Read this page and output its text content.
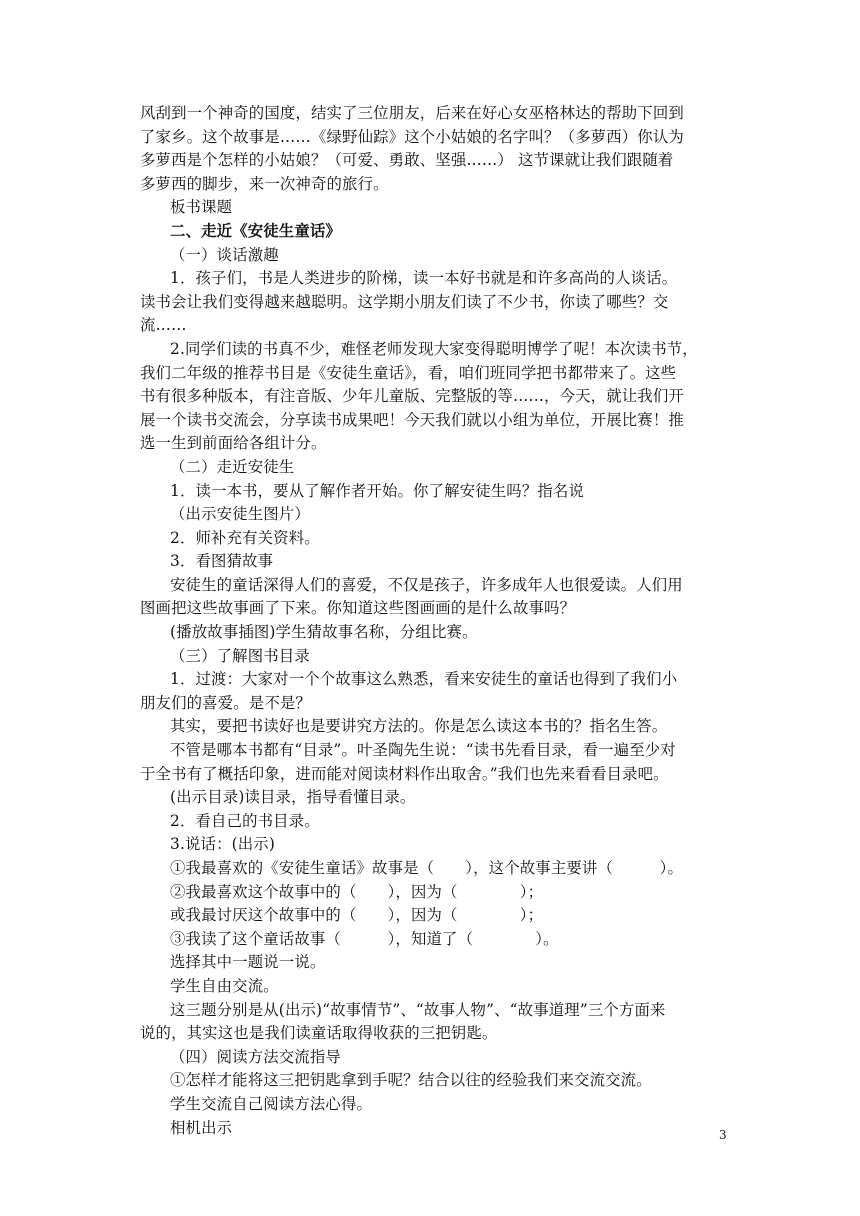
风刮到一个神奇的国度，结实了三位朋友，后来在好心女巫格林达的帮助下回到
了家乡。这个故事是……《绿野仙踪》这个小姑娘的名字叫？（多萝西）你认为
多萝西是个怎样的小姑娘？（可爱、勇敢、坚强……） 这节课就让我们跟随着
多萝西的脚步，来一次神奇的旅行。
板书课题
二、走近《安徒生童话》
（一）谈话激趣
1．孩子们，书是人类进步的阶梯，读一本好书就是和许多高尚的人谈话。
读书会让我们变得越来越聪明。这学期小朋友们读了不少书，你读了哪些？交
流……
2.同学们读的书真不少，难怪老师发现大家变得聪明博学了呢！本次读书节，
我们二年级的推荐书目是《安徒生童话》，看，咱们班同学把书都带来了。这些
书有很多种版本，有注音版、少年儿童版、完整版的等……，今天，就让我们开
展一个读书交流会，分享读书成果吧！今天我们就以小组为单位，开展比赛！推
选一生到前面给各组计分。
（二）走近安徒生
1．读一本书，要从了解作者开始。你了解安徒生吗？指名说
（出示安徒生图片）
2．师补充有关资料。
3．看图猜故事
安徒生的童话深得人们的喜爱，不仅是孩子，许多成年人也很爱读。人们用
图画把这些故事画了下来。你知道这些图画画的是什么故事吗？
(播放故事插图)学生猜故事名称，分组比赛。
（三）了解图书目录
1．过渡：大家对一个个故事这么熟悉，看来安徒生的童话也得到了我们小
朋友们的喜爱。是不是？
其实，要把书读好也是要讲究方法的。你是怎么读这本书的？指名生答。
不管是哪本书都有“目录”。叶圣陶先生说：“读书先看目录，看一遍至少对
于全书有了概括印象，进而能对阅读材料作出取舍。”我们也先来看看目录吧。
(出示目录)读目录，指导看懂目录。
2．看自己的书目录。
3.说话：(出示)
①我最喜欢的《安徒生童话》故事是（　　），这个故事主要讲（　　　）。
②我最喜欢这个故事中的（　　），因为（　　　　）；
或我最讨厌这个故事中的（　　），因为（　　　　）；
③我读了这个童话故事（　　　），知道了（　　　　）。
选择其中一题说一说。
学生自由交流。
这三题分别是从(出示)“故事情节”、“故事人物”、“故事道理”三个方面来
说的，其实这也是我们读童话取得收获的三把钥匙。
（四）阅读方法交流指导
①怎样才能将这三把钥匙拿到手呢？结合以往的经验我们来交流交流。
学生交流自己阅读方法心得。
相机出示	3
